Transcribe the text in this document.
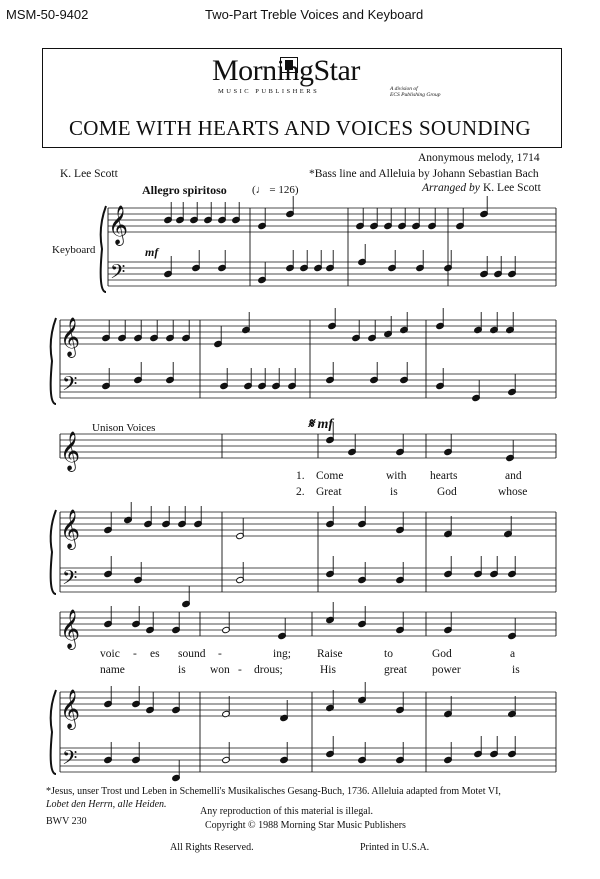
MSM-50-9402	Two-Part Treble Voices and Keyboard
MorningStar
MUSIC PUBLISHERS	A division of
ECS Publishing Group
COME WITH HEARTS AND VOICES SOUNDING
K. Lee Scott
Anonymous melody, 1714
*Bass line and Alleluia by Johann Sebastian Bach
Arranged by K. Lee Scott
Allegro spiritoso (♩ = 126)
Keyboard	mf
Unison Voices	𝄋 mf
𝄞
𝄢
𝄞
𝄢
𝄞
𝄞
𝄢
𝄞
𝄞
𝄢
1. Come	with hearts	and
2. Great	is	God	whose
voic - es sound -	ing; Raise	to	God	a
name	is won - drous;	His	great power	is
*Jesus, unser Trost und Leben in Schemelli's Musikalisches Gesang-Buch, 1736. Alleluia adapted from Motet VI,
Lobet den Herrn, alle Heiden.
BWV 230
Any reproduction of this material is illegal.
Copyright © 1988 Morning Star Music Publishers
All Rights Reserved.	Printed in U.S.A.
